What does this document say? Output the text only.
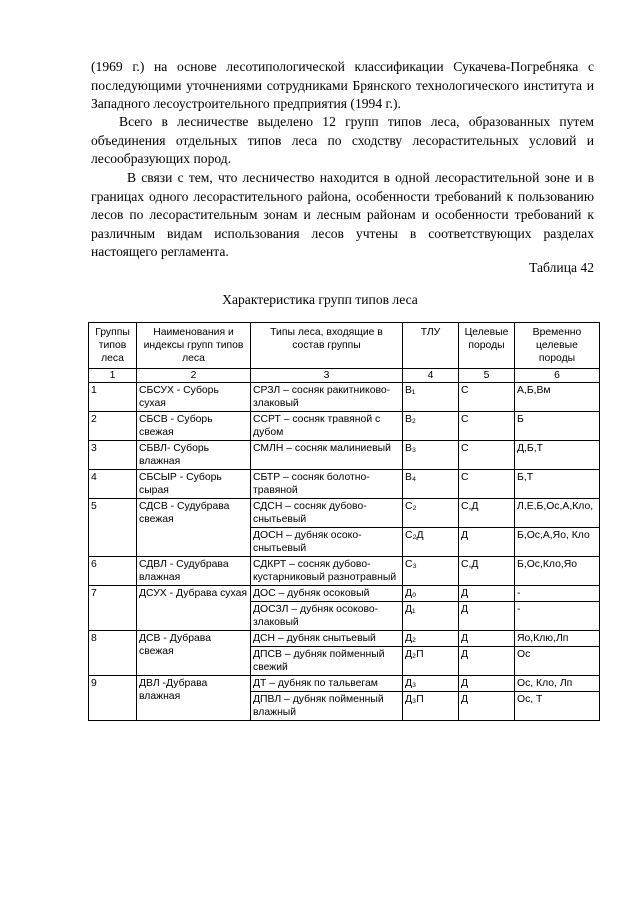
(1969 г.) на основе лесотипологической классификации Сукачева-Погребняка с последующими уточнениями сотрудниками Брянского технологического института и Западного лесоустроительного предприятия (1994 г.).

Всего в лесничестве выделено 12 групп типов леса, образованных путем объединения отдельных типов леса по сходству лесорастительных условий и лесообразующих пород.

В связи с тем, что лесничество находится в одной лесорастительной зоне и в границах одного лесорастительного района, особенности требований к пользованию лесов по лесорастительным зонам и лесным районам и особенности требований к различным видам использования лесов учтены в соответствующих разделах настоящего регламента.

Таблица 42
Характеристика групп типов леса
Группы типов леса	Наименования и индексы групп типов леса	Типы леса, входящие в состав группы	ТЛУ	Целевые породы	Временно целевые породы
1	2	3	4	5	6
1	СБСУХ - Суборь сухая	СРЗЛ – сосняк ракитниково-злаковый	В₁	С	А,Б,Вм
2	СБСВ - Суборь свежая	ССРТ – сосняк травяной с дубом	В₂	С	Б
3	СБВЛ- Суборь влажная	СМЛН – сосняк малиниевый	В₃	С	Д,Б,Т
4	СБСЫР - Суборь сырая	СБТР – сосняк болотно-травяной	В₄	С	Б,Т
5	СДСВ - Судубрава свежая	СДСН – сосняк дубово-снытьевый	С₂	С,Д	Л,Е,Б,Ос,А,Кло,
		ДОСН – дубняк осоко-снытьевый	С₂Д	Д	Б,Ос,А,Яо, Кло
6	СДВЛ - Судубрава влажная	СДКРТ – сосняк дубово-кустарниковый разнотравный	С₃	С,Д	Б,Ос,Кло,Яо
7	ДСУХ - Дубрава сухая	ДОС – дубняк осоковый	Д₀	Д	-
		ДОСЗЛ – дубняк осоково-злаковый	Д₁	Д	-
8	ДСВ - Дубрава свежая	ДСН – дубняк снытьевый	Д₂	Д	Яо,Клю,Лп
		ДПСВ – дубняк пойменный свежий	Д₂П	Д	Ос
9	ДВЛ -Дубрава влажная	ДТ – дубняк по тальвегам	Д₃	Д	Ос, Кло, Лп
		ДПВЛ – дубняк пойменный влажный	Д₃П	Д	Ос, Т
